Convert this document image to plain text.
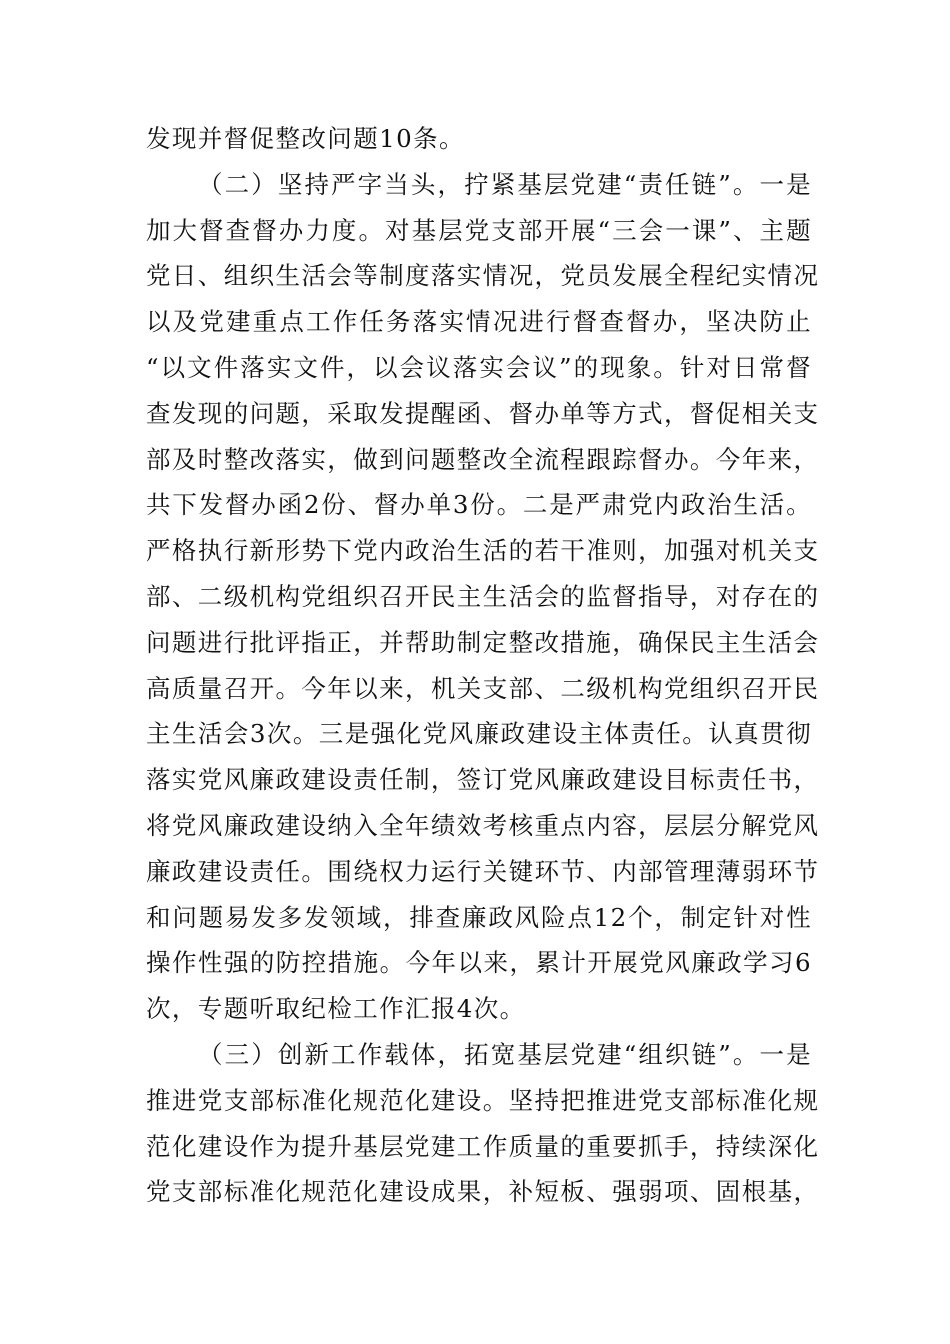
发现并督促整改问题10条。
（二）坚持严字当头，拧紧基层党建“责任链”。一是
加大督查督办力度。对基层党支部开展“三会一课”、主题
党日、组织生活会等制度落实情况，党员发展全程纪实情况
以及党建重点工作任务落实情况进行督查督办，坚决防止
“以文件落实文件，以会议落实会议”的现象。针对日常督
查发现的问题，采取发提醒函、督办单等方式，督促相关支
部及时整改落实，做到问题整改全流程跟踪督办。今年来，
共下发督办函2份、督办单3份。二是严肃党内政治生活。
严格执行新形势下党内政治生活的若干准则，加强对机关支
部、二级机构党组织召开民主生活会的监督指导，对存在的
问题进行批评指正，并帮助制定整改措施，确保民主生活会
高质量召开。今年以来，机关支部、二级机构党组织召开民
主生活会3次。三是强化党风廉政建设主体责任。认真贯彻
落实党风廉政建设责任制，签订党风廉政建设目标责任书，
将党风廉政建设纳入全年绩效考核重点内容，层层分解党风
廉政建设责任。围绕权力运行关键环节、内部管理薄弱环节
和问题易发多发领域，排查廉政风险点12个，制定针对性
操作性强的防控措施。今年以来，累计开展党风廉政学习6
次，专题听取纪检工作汇报4次。
（三）创新工作载体，拓宽基层党建“组织链”。一是
推进党支部标准化规范化建设。坚持把推进党支部标准化规
范化建设作为提升基层党建工作质量的重要抓手，持续深化
党支部标准化规范化建设成果，补短板、强弱项、固根基，
